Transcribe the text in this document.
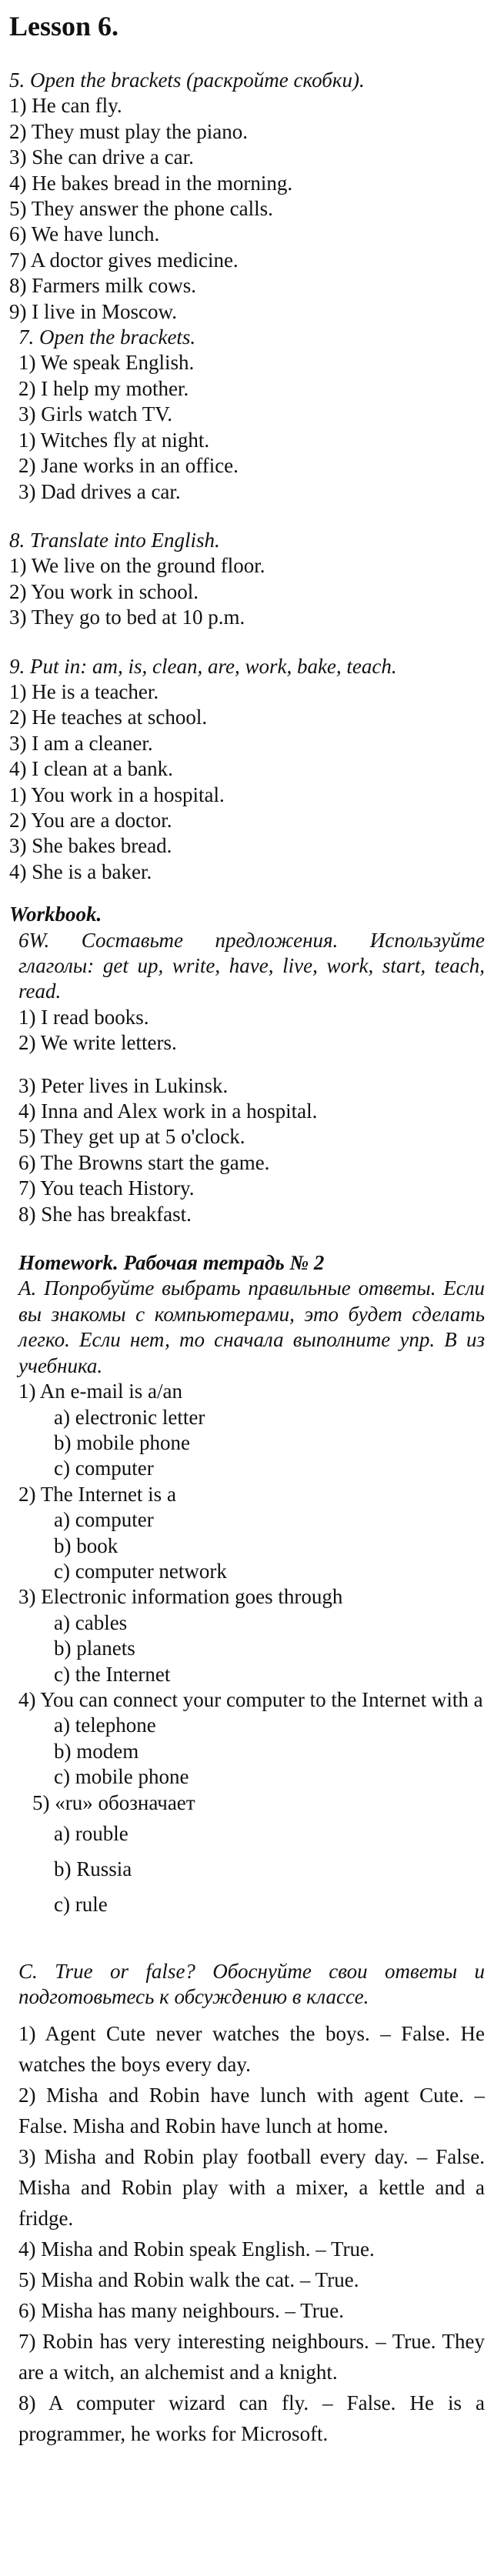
Lesson 6.
5. Open the brackets (раскройте скобки).
1) He can fly.
2) They must play the piano.
3) She can drive a car.
4) He bakes bread in the morning.
5) They answer the phone calls.
6) We have lunch.
7) A doctor gives medicine.
8) Farmers milk cows.
9) I live in Moscow.
7. Open the brackets.
1) We speak English.
2) I help my mother.
3) Girls watch TV.
1) Witches fly at night.
2) Jane works in an office.
3) Dad drives a car.
8. Translate into English.
1) We live on the ground floor.
2) You work in school.
3) They go to bed at 10 p.m.
9. Put in: am, is, clean, are, work, bake, teach.
1) He is a teacher.
2) He teaches at school.
3) I am a cleaner.
4) I clean at a bank.
1) You work in a hospital.
2) You are a doctor.
3) She bakes bread.
4) She is a baker.
Workbook.
6W. Составьте предложения. Используйте глаголы: get up, write, have, live, work, start, teach, read.
1) I read books.
2) We write letters.
3) Peter lives in Lukinsk.
4) Inna and Alex work in a hospital.
5) They get up at 5 o'clock.
6) The Browns start the game.
7) You teach History.
8) She has breakfast.
Homework. Рабочая тетрадь № 2
A. Попробуйте выбрать правильные ответы. Если вы знакомы с компьютерами, это будет сделать легко. Если нет, то сначала выполните упр. B из учебника.
1) An e-mail is a/an
a) electronic letter
b) mobile phone
c) computer
2) The Internet is a
a) computer
b) book
c) computer network
3) Electronic information goes through
a) cables
b) planets
c) the Internet
4) You can connect your computer to the Internet with a
a) telephone
b) modem
c) mobile phone
5) «ru» обозначает
a) rouble
b) Russia
c) rule
C. True or false? Обоснуйте свои ответы и подготовьтесь к обсуждению в классе.
1) Agent Cute never watches the boys. – False. He watches the boys every day.
2) Misha and Robin have lunch with agent Cute. – False. Misha and Robin have lunch at home.
3) Misha and Robin play football every day. – False. Misha and Robin play with a mixer, a kettle and a fridge.
4) Misha and Robin speak English. – True.
5) Misha and Robin walk the cat. – True.
6) Misha has many neighbours. – True.
7) Robin has very interesting neighbours. – True. They are a witch, an alchemist and a knight.
8) A computer wizard can fly. – False. He is a programmer, he works for Microsoft.
